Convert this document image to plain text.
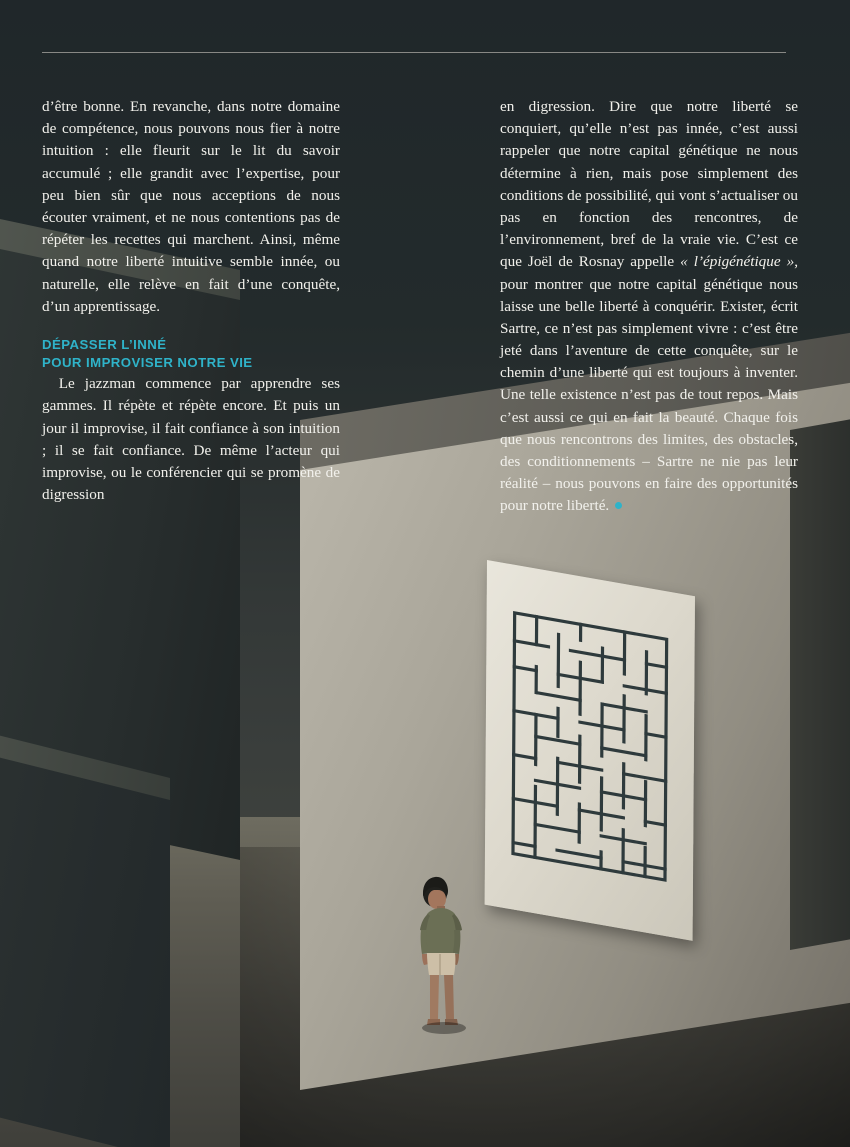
d’être bonne. En revanche, dans notre domaine de compétence, nous pouvons nous fier à notre intuition : elle fleurit sur le lit du savoir accumulé ; elle grandit avec l’expertise, pour peu bien sûr que nous acceptions de nous écouter vraiment, et ne nous contentions pas de répéter les recettes qui marchent. Ainsi, même quand notre liberté intuitive semble innée, ou naturelle, elle relève en fait d’une conquête, d’un apprentissage.

DÉPASSER L’INNÉ
POUR IMPROVISER NOTRE VIE

Le jazzman commence par apprendre ses gammes. Il répète et répète encore. Et puis un jour il improvise, il fait confiance à son intuition ; il se fait confiance. De même l’acteur qui improvise, ou le conférencier qui se promène de digression

en digression. Dire que notre liberté se conquiert, qu’elle n’est pas innée, c’est aussi rappeler que notre capital génétique ne nous détermine à rien, mais pose simplement des conditions de possibilité, qui vont s’actualiser ou pas en fonction des rencontres, de l’environnement, bref de la vraie vie. C’est ce que Joël de Rosnay appelle « l’épigénétique », pour montrer que notre capital génétique nous laisse une belle liberté à conquérir. Exister, écrit Sartre, ce n’est pas simplement vivre : c’est être jeté dans l’aventure de cette conquête, sur le chemin d’une liberté qui est toujours à inventer. Une telle existence n’est pas de tout repos. Mais c’est aussi ce qui en fait la beauté. Chaque fois que nous rencontrons des limites, des obstacles, des conditionnements – Sartre ne nie pas leur réalité – nous pouvons en faire des opportunités pour notre liberté.
